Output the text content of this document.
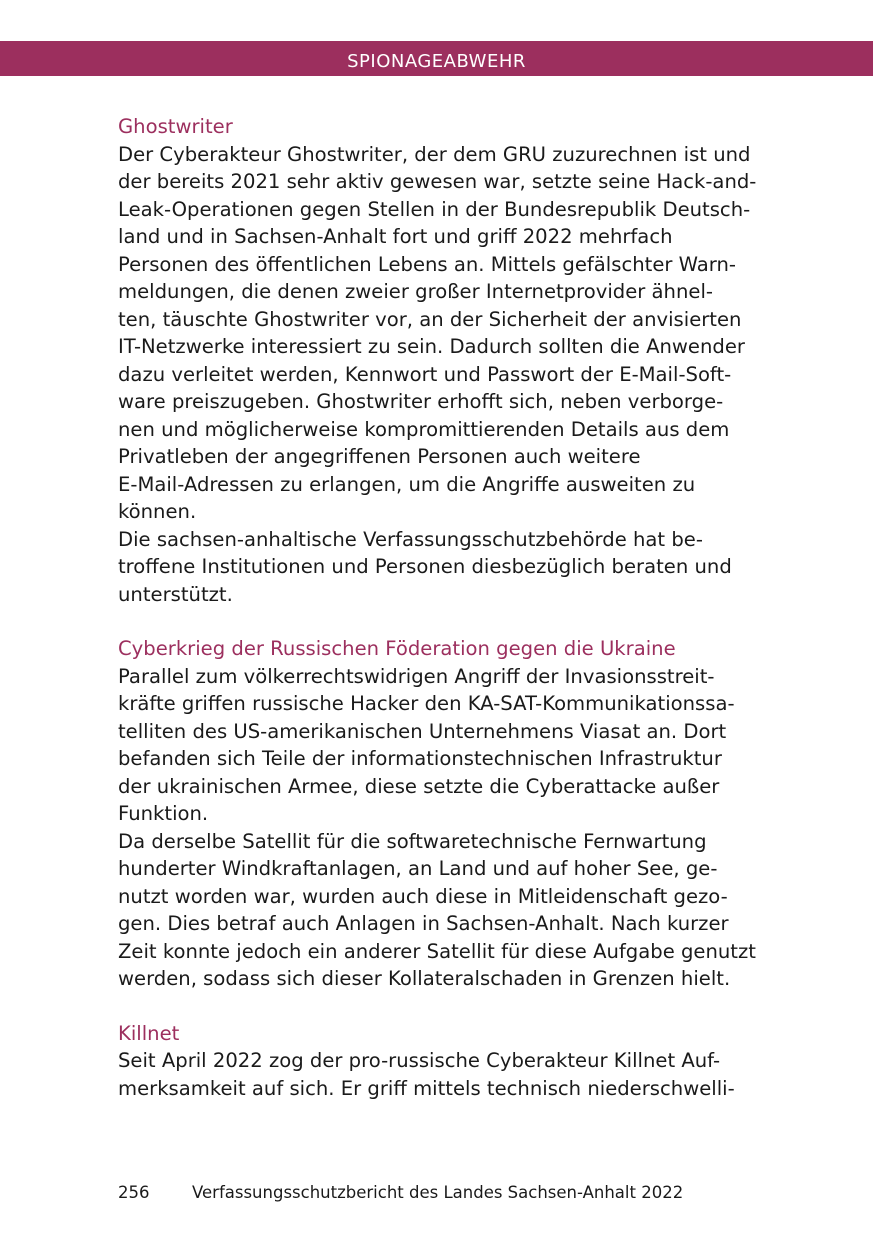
spionageabwehr
Ghostwriter
Der Cyberakteur Ghostwriter, der dem GRU zuzurechnen ist und
der bereits 2021 sehr aktiv gewesen war, setzte seine Hack-and-
Leak-Operationen gegen Stellen in der Bundesrepublik Deutsch-
land und in Sachsen-Anhalt fort und griff 2022 mehrfach
Personen des öffentlichen Lebens an. Mittels gefälschter Warn-
meldungen, die denen zweier großer Internetprovider ähnel-
ten, täuschte Ghostwriter vor, an der Sicherheit der anvisierten
IT-Netzwerke interessiert zu sein. Dadurch sollten die Anwender
dazu verleitet werden, Kennwort und Passwort der E-Mail-Soft-
ware preiszugeben. Ghostwriter erhofft sich, neben verborge-
nen und möglicherweise kompromittierenden Details aus dem
Privatleben der angegriffenen Personen auch weitere
E-Mail-Adressen zu erlangen, um die Angriffe ausweiten zu
können.
Die sachsen-anhaltische Verfassungsschutzbehörde hat be-
troffene Institutionen und Personen diesbezüglich beraten und
unterstützt.
Cyberkrieg der Russischen Föderation gegen die Ukraine
Parallel zum völkerrechtswidrigen Angriff der Invasionsstreit-
kräfte griffen russische Hacker den KA-SAT-Kommunikationssa-
telliten des US-amerikanischen Unternehmens Viasat an. Dort
befanden sich Teile der informationstechnischen Infrastruktur
der ukrainischen Armee, diese setzte die Cyberattacke außer
Funktion.
Da derselbe Satellit für die softwaretechnische Fernwartung
hunderter Windkraftanlagen, an Land und auf hoher See, ge-
nutzt worden war, wurden auch diese in Mitleidenschaft gezo-
gen. Dies betraf auch Anlagen in Sachsen-Anhalt. Nach kurzer
Zeit konnte jedoch ein anderer Satellit für diese Aufgabe genutzt
werden, sodass sich dieser Kollateralschaden in Grenzen hielt.
Killnet
Seit April 2022 zog der pro-russische Cyberakteur Killnet Auf-
merksamkeit auf sich. Er griff mittels technisch niederschwelli-
256	Verfassungsschutzbericht des Landes Sachsen-Anhalt 2022
